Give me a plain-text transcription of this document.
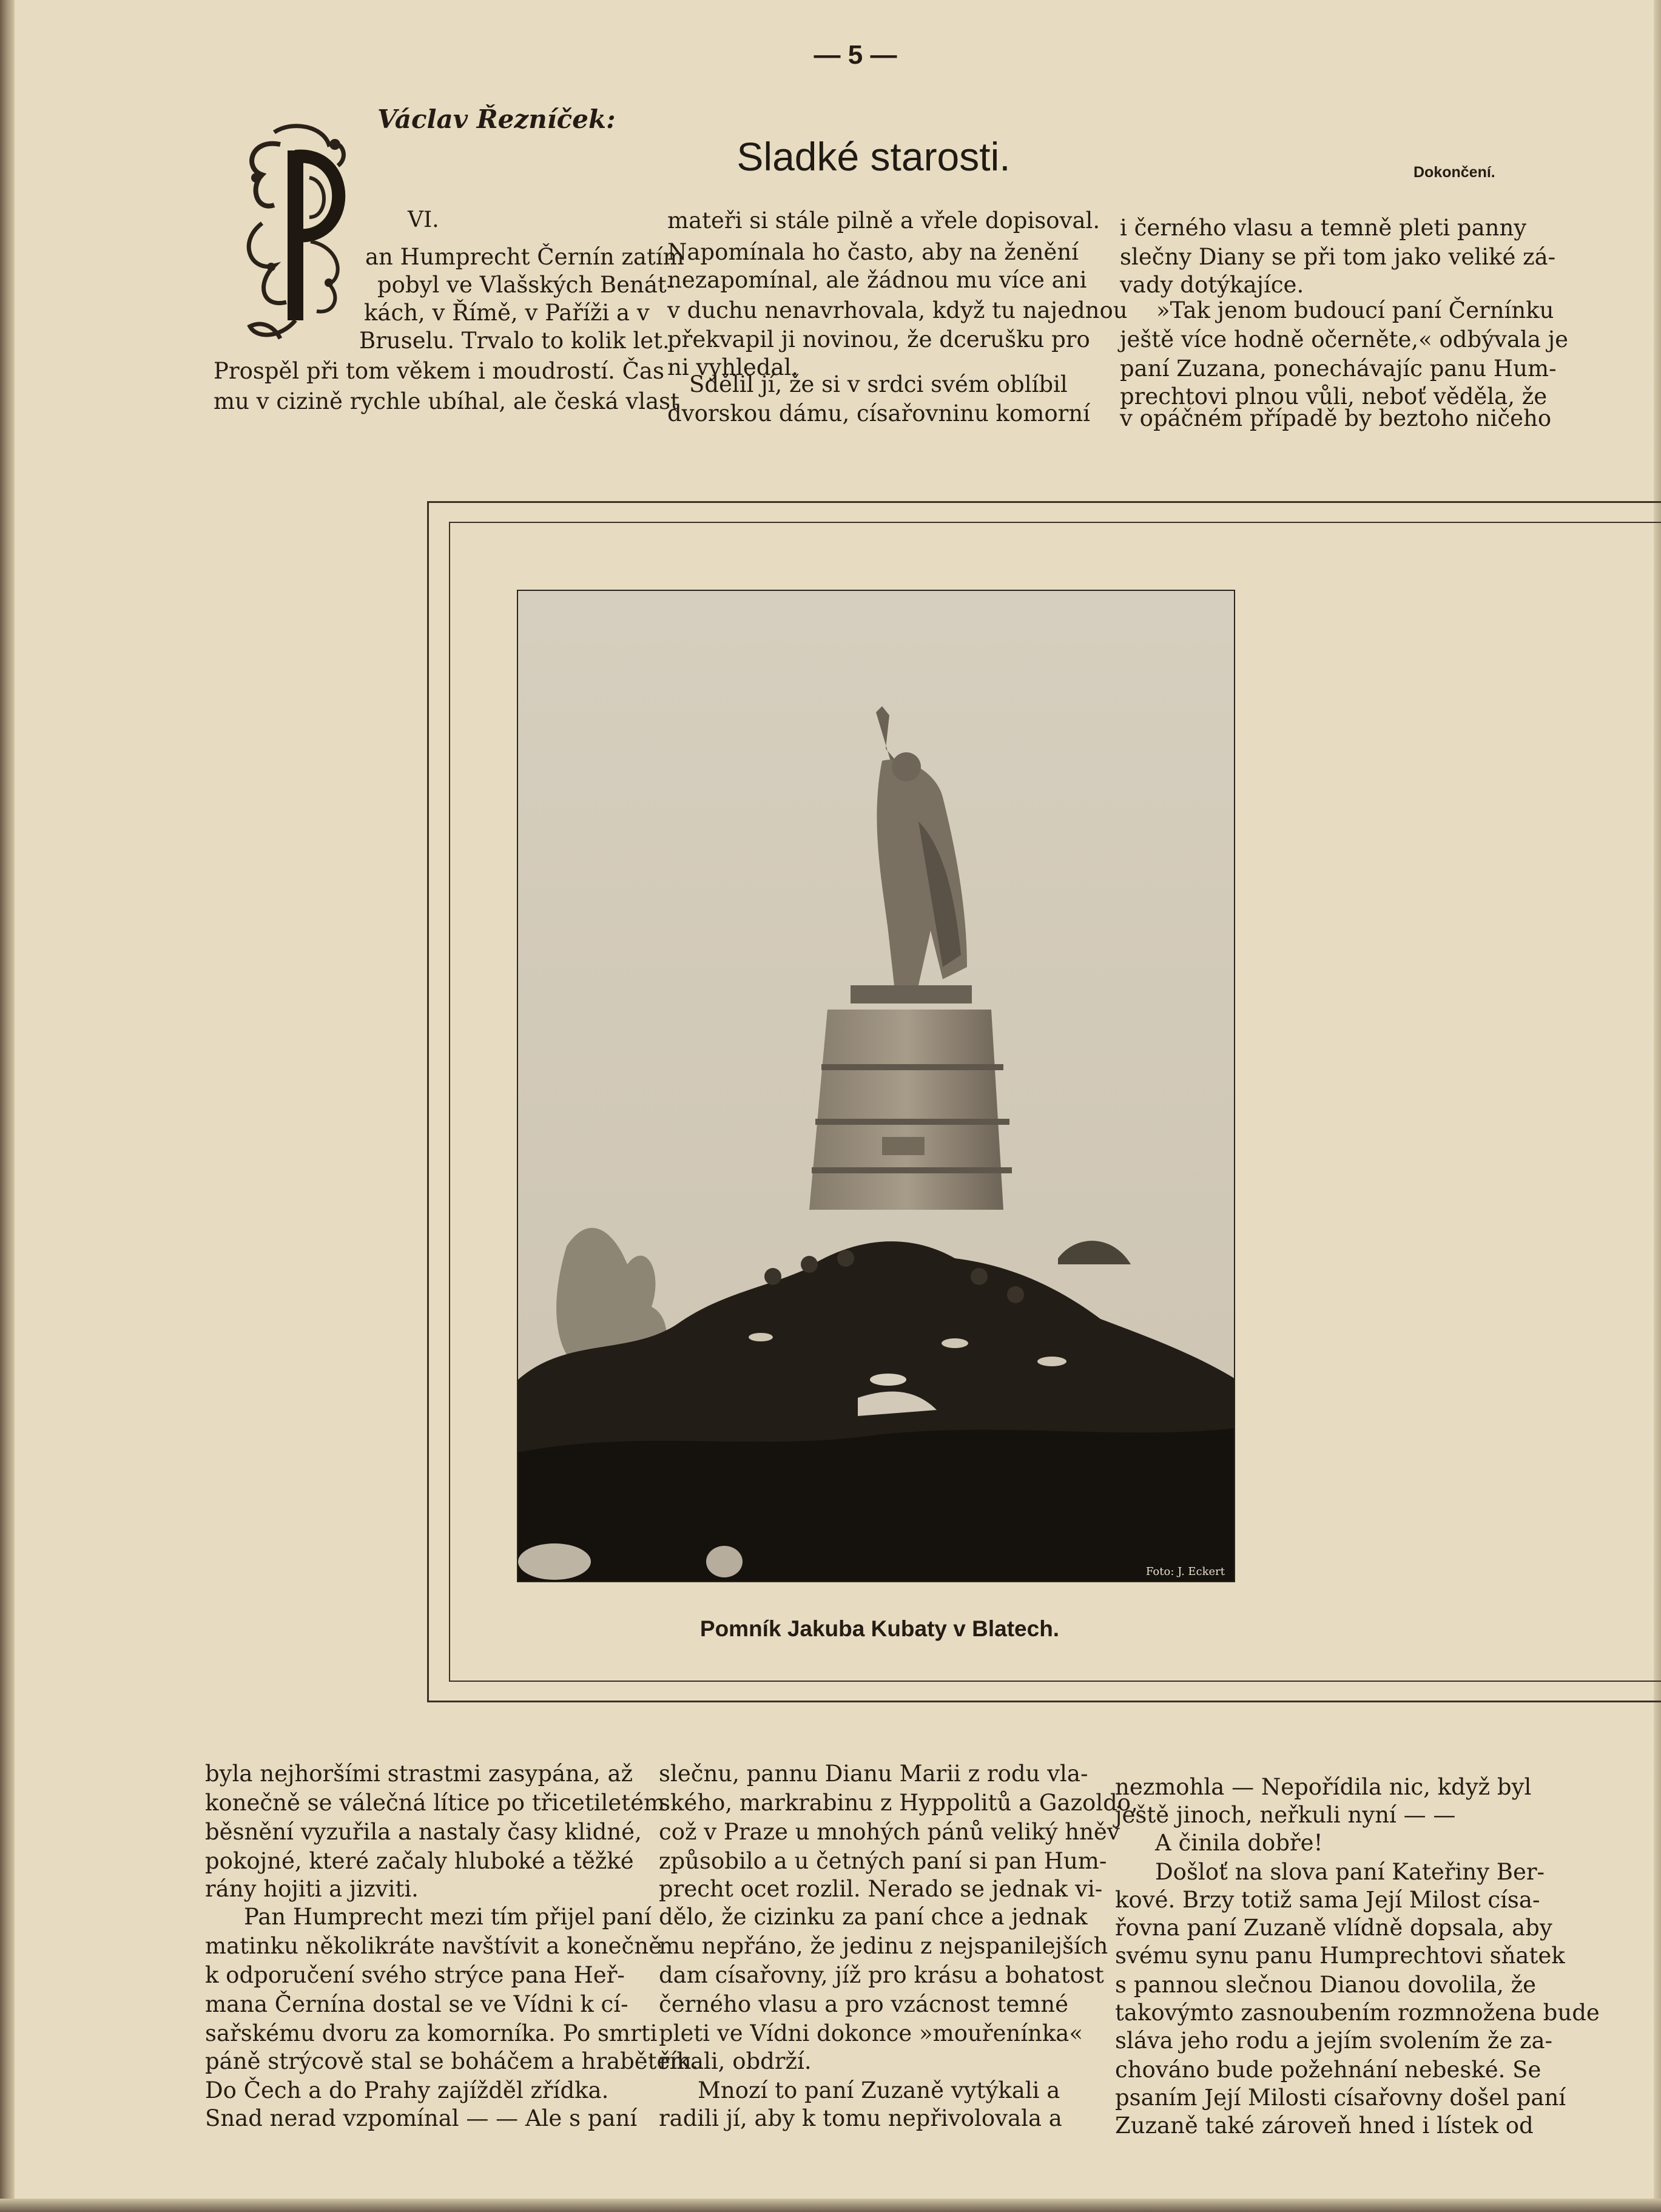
— 5 —
Václav Řezníček:
Sladké starosti.	Dokončení.
VI.
an Humprecht Černín zatím
pobyl ve Vlašských Benát-
kách, v Římě, v Paříži a v
Bruselu. Trvalo to kolik let.
Prospěl při tom věkem i moudrostí. Čas
mu v cizině rychle ubíhal, ale česká vlast
mateři si stále pilně a vřele dopisoval.
Napomínala ho často, aby na ženění
nezapomínal, ale žádnou mu více ani
v duchu nenavrhovala, když tu najednou
překvapil ji novinou, že dcerušku pro
ni vyhledal.
Sdělil jí, že si v srdci svém oblíbil
dvorskou dámu, císařovninu komorní
i černého vlasu a temně pleti panny
slečny Diany se při tom jako veliké zá-
vady dotýkajíce.
»Tak jenom budoucí paní Černínku
ještě více hodně očerněte,« odbývala je
paní Zuzana, ponechávajíc panu Hum-
prechtovi plnou vůli, neboť věděla, že
v opáčném případě by beztoho ničeho
Foto: J. Eckert
Pomník Jakuba Kubaty v Blatech.
byla nejhoršími strastmi zasypána, až
konečně se válečná lítice po třicetiletém
běsnění vyzuřila a nastaly časy klidné,
pokojné, které začaly hluboké a těžké
rány hojiti a jizviti.
Pan Humprecht mezi tím přijel paní
matinku několikráte navštívit a konečně
k odporučení svého strýce pana Heř-
mana Černína dostal se ve Vídni k cí-
sařskému dvoru za komorníka. Po smrti
páně strýcově stal se boháčem a hrabětem.
Do Čech a do Prahy zajížděl zřídka.
Snad nerad vzpomínal — — Ale s paní
slečnu, pannu Dianu Marii z rodu vla-
ského, markrabinu z Hyppolitů a Gazoldo,
což v Praze u mnohých pánů veliký hněv
způsobilo a u četných paní si pan Hum-
precht ocet rozlil. Nerado se jednak vi-
dělo, že cizinku za paní chce a jednak
mu nepřáno, že jedinu z nejspanilejších
dam císařovny, jíž pro krásu a bohatost
černého vlasu a pro vzácnost temné
pleti ve Vídni dokonce »mouřenínka«
říkali, obdrží.
Mnozí to paní Zuzaně vytýkali a
radili jí, aby k tomu nepřivolovala a
nezmohla — Nepořídila nic, když byl
ještě jinoch, neřkuli nyní — —
A činila dobře!
Došloť na slova paní Kateřiny Ber-
kové. Brzy totiž sama Její Milost císa-
řovna paní Zuzaně vlídně dopsala, aby
svému synu panu Humprechtovi sňatek
s pannou slečnou Dianou dovolila, že
takovýmto zasnoubením rozmnožena bude
sláva jeho rodu a jejím svolením že za-
chováno bude požehnání nebeské. Se
psaním Její Milosti císařovny došel paní
Zuzaně také zároveň hned i lístek od
